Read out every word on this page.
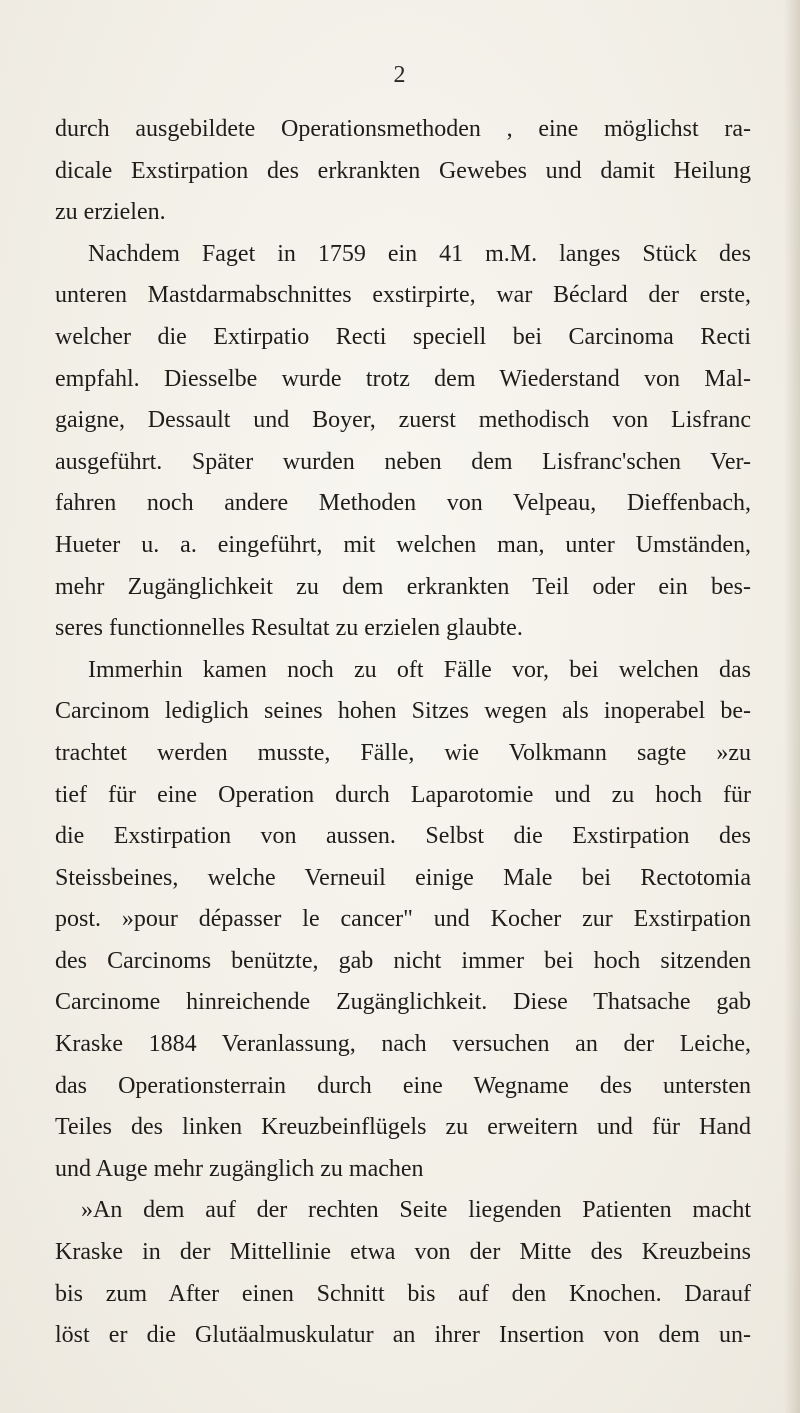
2
durch ausgebildete Operationsmethoden , eine möglichst ra-
dicale Exstirpation des erkrankten Gewebes und damit Heilung
zu erzielen.
Nachdem Faget in 1759 ein 41 m.M. langes Stück des
unteren Mastdarmabschnittes exstirpirte, war Béclard der erste,
welcher die Extirpatio Recti speciell bei Carcinoma Recti
empfahl. Diesselbe wurde trotz dem Wiederstand von Mal-
gaigne, Dessault und Boyer, zuerst methodisch von Lisfranc
ausgeführt. Später wurden neben dem Lisfranc'schen Ver-
fahren noch andere Methoden von Velpeau, Dieffenbach,
Hueter u. a. eingeführt, mit welchen man, unter Umständen,
mehr Zugänglichkeit zu dem erkrankten Teil oder ein bes-
seres functionnelles Resultat zu erzielen glaubte.
Immerhin kamen noch zu oft Fälle vor, bei welchen das
Carcinom lediglich seines hohen Sitzes wegen als inoperabel be-
trachtet werden musste, Fälle, wie Volkmann sagte »zu
tief für eine Operation durch Laparotomie und zu hoch für
die Exstirpation von aussen. Selbst die Exstirpation des
Steissbeines, welche Verneuil einige Male bei Rectotomia
post. »pour dépasser le cancer" und Kocher zur Exstirpation
des Carcinoms benützte, gab nicht immer bei hoch sitzenden
Carcinome hinreichende Zugänglichkeit. Diese Thatsache gab
Kraske 1884 Veranlassung, nach versuchen an der Leiche,
das Operationsterrain durch eine Wegname des untersten
Teiles des linken Kreuzbeinflügels zu erweitern und für Hand
und Auge mehr zugänglich zu machen
»An dem auf der rechten Seite liegenden Patienten macht
Kraske in der Mittellinie etwa von der Mitte des Kreuzbeins
bis zum After einen Schnitt bis auf den Knochen. Darauf
löst er die Glutäalmuskulatur an ihrer Insertion von dem un-
